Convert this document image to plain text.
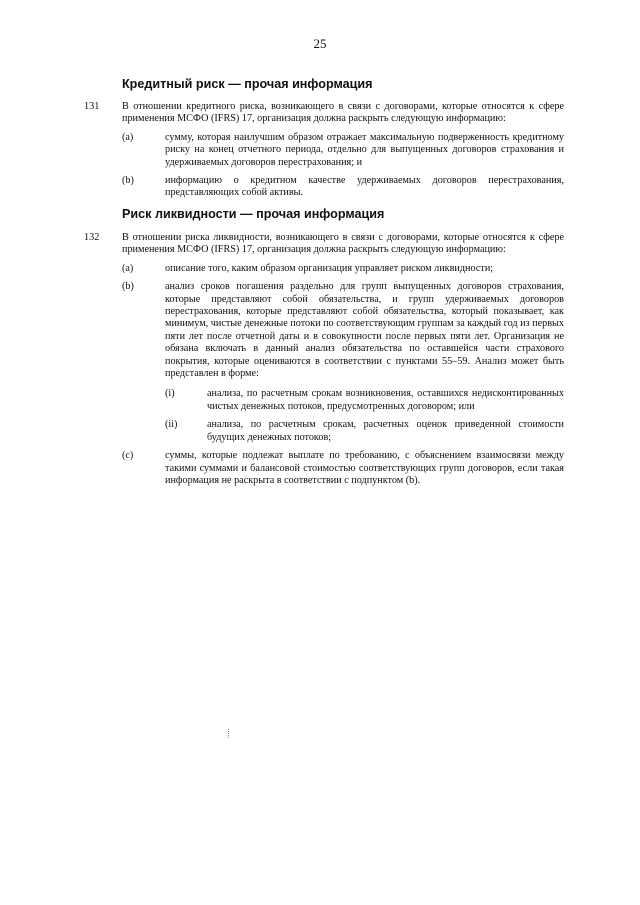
25
Кредитный риск — прочая информация
131 В отношении кредитного риска, возникающего в связи с договорами, которые относятся к сфере применения МСФО (IFRS) 17, организация должна раскрыть следующую информацию:
(a)	сумму, которая наилучшим образом отражает максимальную подверженность кредитному риску на конец отчетного периода, отдельно для выпущенных договоров страхования и удерживаемых договоров перестрахования; и
(b)	информацию о кредитном качестве удерживаемых договоров перестрахования, представляющих собой активы.
Риск ликвидности — прочая информация
132 В отношении риска ликвидности, возникающего в связи с договорами, которые относятся к сфере применения МСФО (IFRS) 17, организация должна раскрыть следующую информацию:
(a)	описание того, каким образом организация управляет риском ликвидности;
(b)	анализ сроков погашения раздельно для групп выпущенных договоров страхования, которые представляют собой обязательства, и групп удерживаемых договоров перестрахования, которые представляют собой обязательства, который показывает, как минимум, чистые денежные потоки по соответствующим группам за каждый год из первых пяти лет после отчетной даты и в совокупности после первых пяти лет. Организация не обязана включать в данный анализ обязательства по оставшейся части страхового покрытия, которые оцениваются в соответствии с пунктами 55–59. Анализ может быть представлен в форме:
(i)	анализа, по расчетным срокам возникновения, оставшихся недисконтированных чистых денежных потоков, предусмотренных договором; или
(ii)	анализа, по расчетным срокам, расчетных оценок приведенной стоимости будущих денежных потоков;
(c)	суммы, которые подлежат выплате по требованию, с объяснением взаимосвязи между такими суммами и балансовой стоимостью соответствующих групп договоров, если такая информация не раскрыта в соответствии с подпунктом (b).
